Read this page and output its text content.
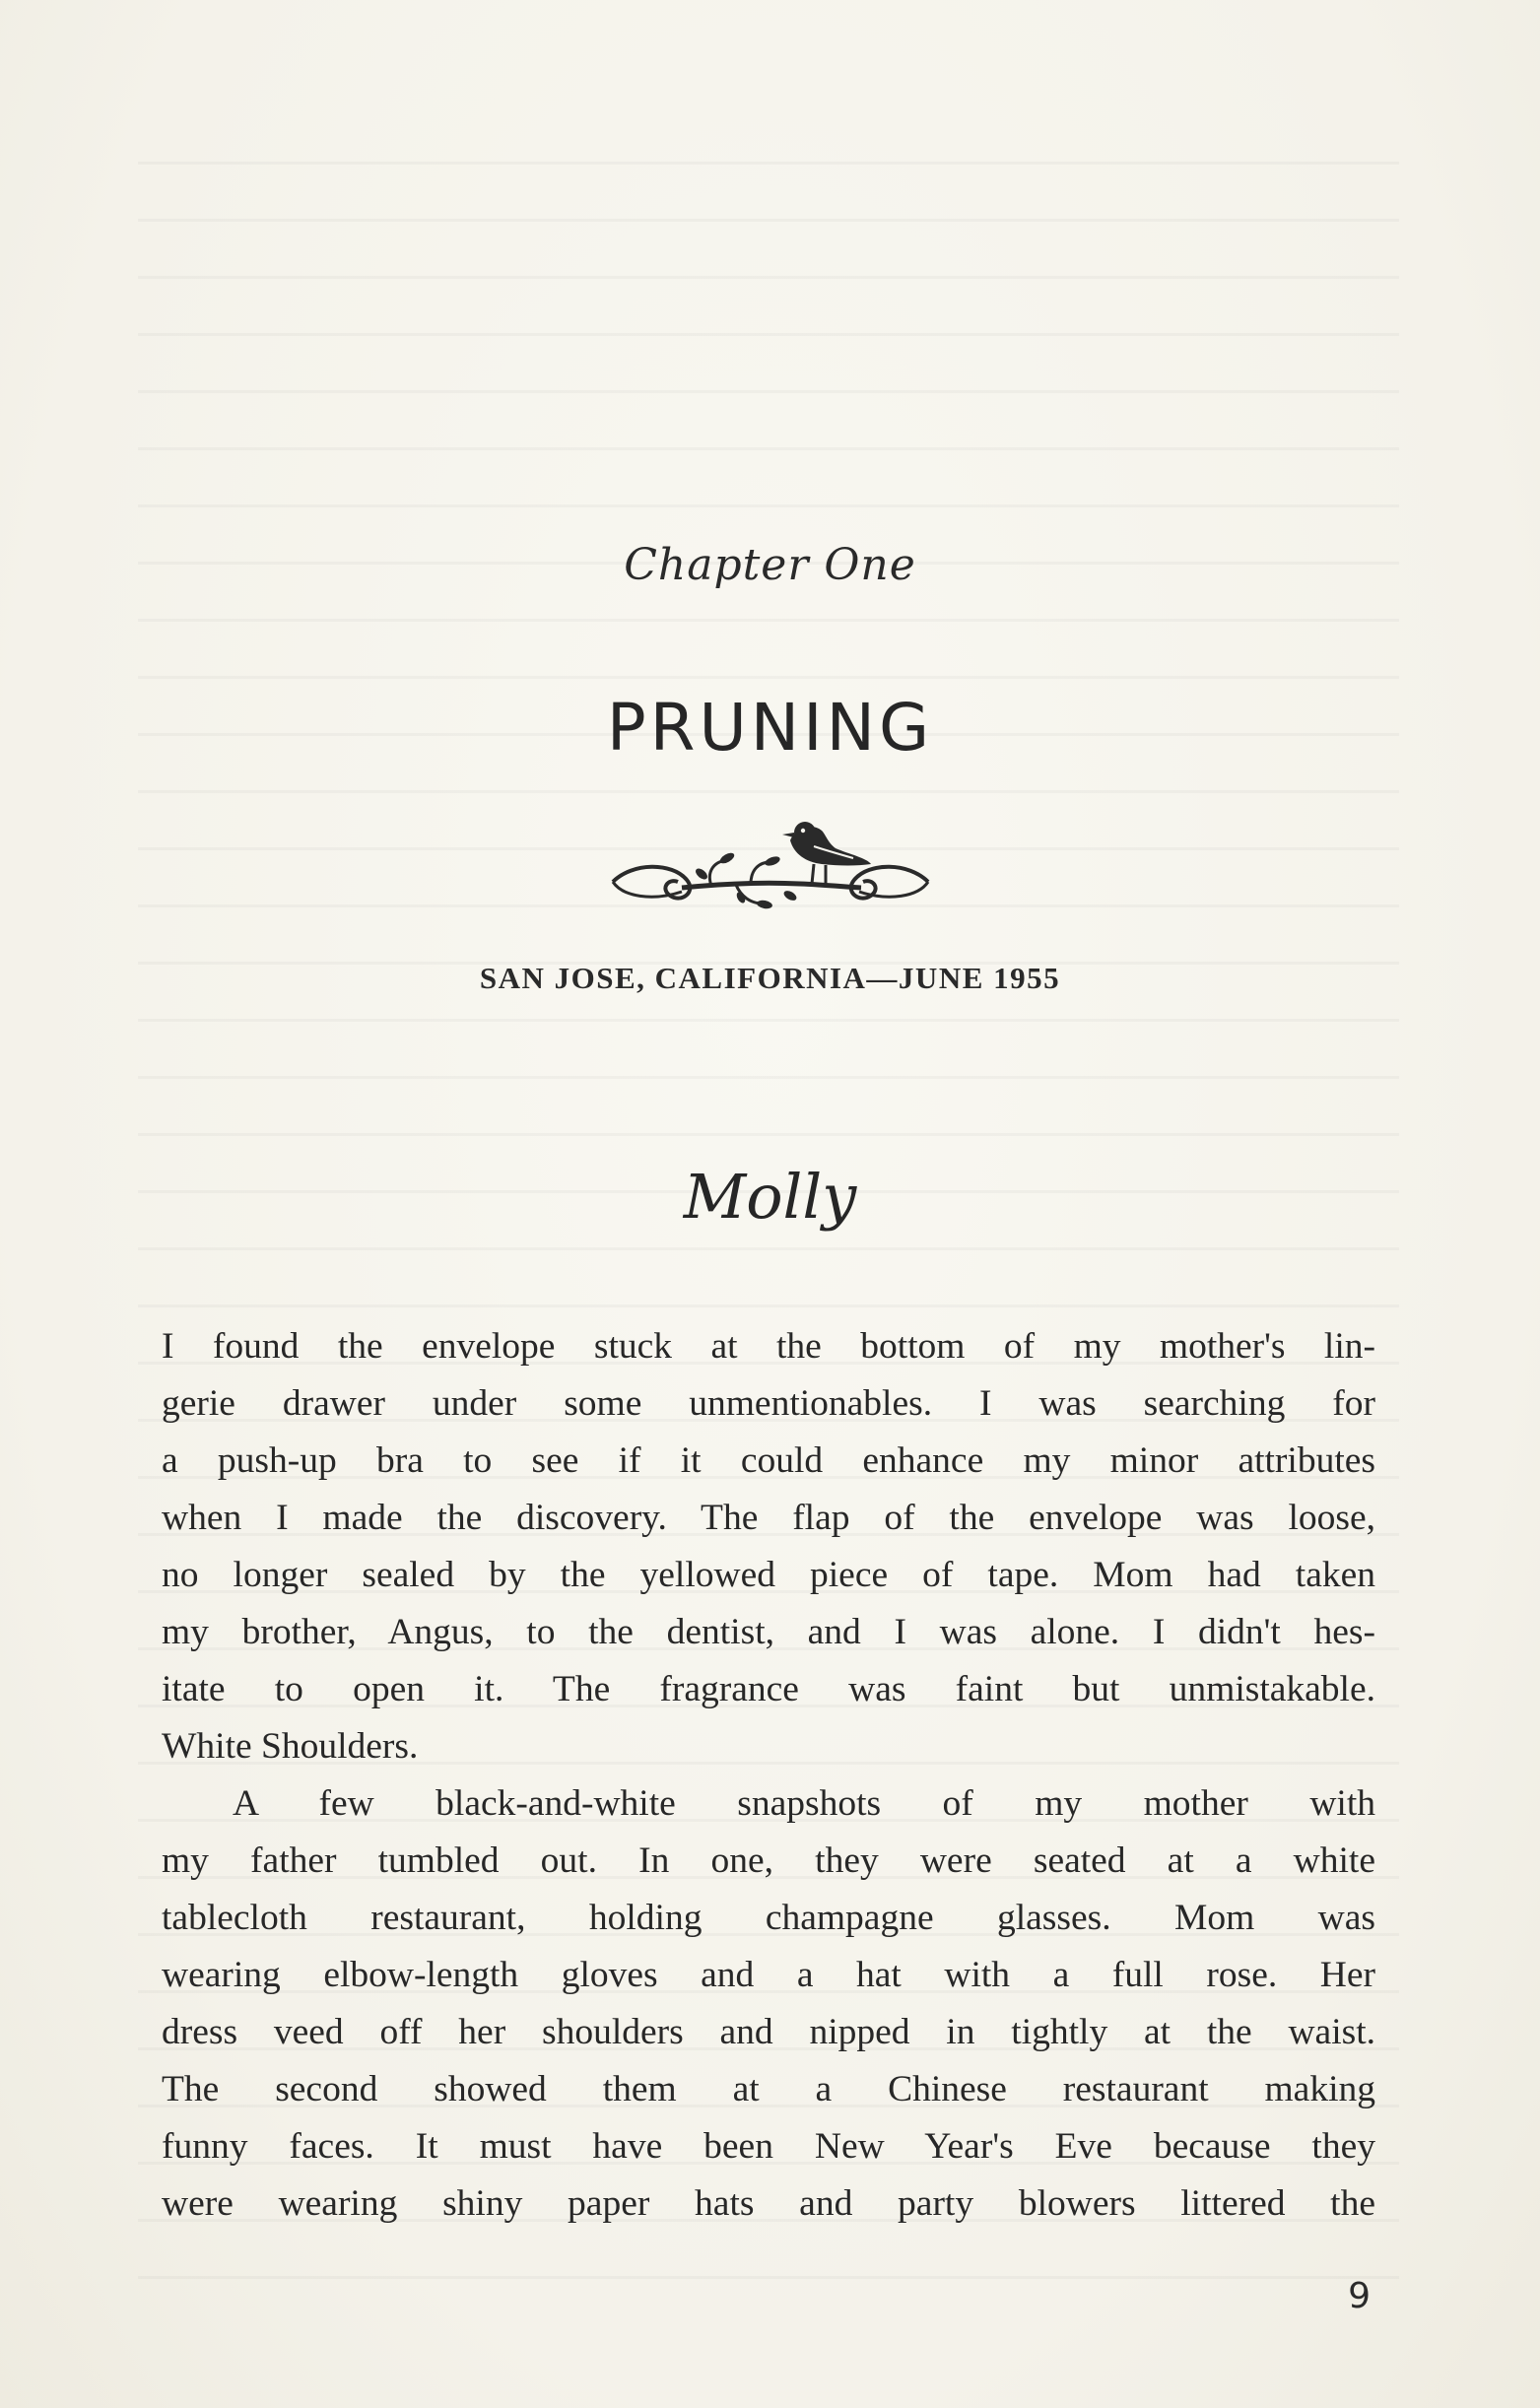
Chapter One
PRUNING
SAN JOSE, CALIFORNIA—JUNE 1955
Molly
I found the envelope stuck at the bottom of my mother's lin-
gerie drawer under some unmentionables. I was searching for
a push-up bra to see if it could enhance my minor attributes
when I made the discovery. The flap of the envelope was loose,
no longer sealed by the yellowed piece of tape. Mom had taken
my brother, Angus, to the dentist, and I was alone. I didn't hes-
itate to open it. The fragrance was faint but unmistakable.
White Shoulders.
A few black-and-white snapshots of my mother with
my father tumbled out. In one, they were seated at a white
tablecloth restaurant, holding champagne glasses. Mom was
wearing elbow-length gloves and a hat with a full rose. Her
dress veed off her shoulders and nipped in tightly at the waist.
The second showed them at a Chinese restaurant making
funny faces. It must have been New Year's Eve because they
were wearing shiny paper hats and party blowers littered the
9
